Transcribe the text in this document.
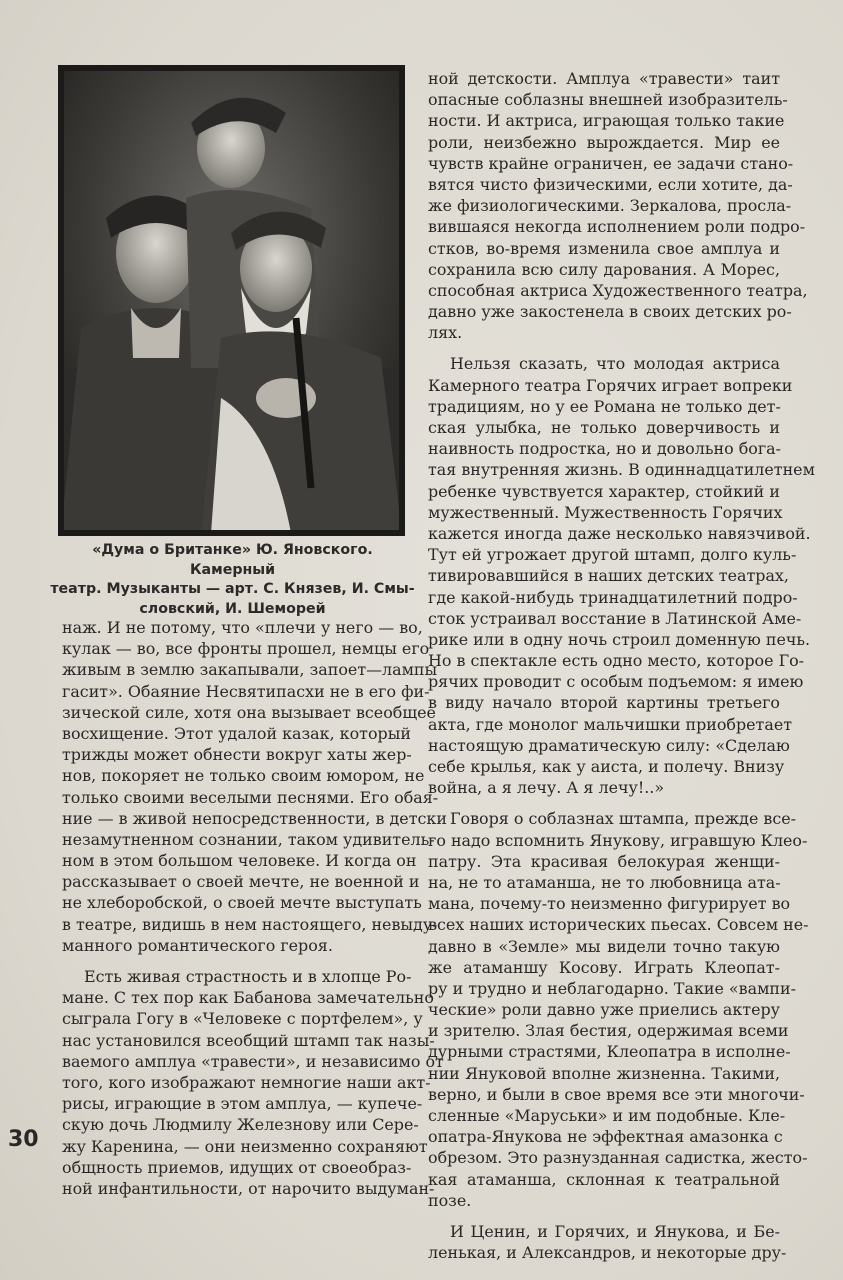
«Дума о Британке» Ю. Яновского. Камерный
театр. Музыканты — арт. С. Князев, И. Смы-
словский, И. Шеморей
наж. И не потому, что «плечи у него — во,
кулак — во, все фронты прошел, немцы его
живым в землю закапывали, запоет—лампы
гасит». Обаяние Несвятипасхи не в его фи-
зической силе, хотя она вызывает всеобщее
восхищение. Этот удалой казак, который
трижды может обнести вокруг хаты жер-
нов, покоряет не только своим юмором, не
только своими веселыми песнями. Его обая-
ние — в живой непосредственности, в детски
незамутненном сознании, таком удивитель-
ном в этом большом человеке. И когда он
рассказывает о своей мечте, не военной и
не хлеборобской, о своей мечте выступать
в театре, видишь в нем настоящего, невыду-
манного романтического героя.
Есть живая страстность и в хлопце Ро-
мане. С тех пор как Бабанова замечательно
сыграла Гогу в «Человеке с портфелем», у
нас установился всеобщий штамп так назы-
ваемого амплуа «травести», и независимо от
того, кого изображают немногие наши акт-
рисы, играющие в этом амплуа, — купече-
скую дочь Людмилу Железнову или Сере-
жу Каренина, — они неизменно сохраняют
общность приемов, идущих от своеобраз-
ной инфантильности, от нарочито выдуман-
ной детскости. Амплуа «травести» таит
опасные соблазны внешней изобразитель-
ности. И актриса, играющая только такие
роли, неизбежно вырождается. Мир ее
чувств крайне ограничен, ее задачи стано-
вятся чисто физическими, если хотите, да-
же физиологическими. Зеркалова, просла-
вившаяся некогда исполнением роли подро-
стков, во-время изменила свое амплуа и
сохранила всю силу дарования. А Морес,
способная актриса Художественного театра,
давно уже закостенела в своих детских ро-
лях.
Нельзя сказать, что молодая актриса
Камерного театра Горячих играет вопреки
традициям, но у ее Романа не только дет-
ская улыбка, не только доверчивость и
наивность подростка, но и довольно бога-
тая внутренняя жизнь. В одиннадцатилетнем
ребенке чувствуется характер, стойкий и
мужественный. Мужественность Горячих
кажется иногда даже несколько навязчивой.
Тут ей угрожает другой штамп, долго куль-
тивировавшийся в наших детских театрах,
где какой-нибудь тринадцатилетний подро-
сток устраивал восстание в Латинской Аме-
рике или в одну ночь строил доменную печь.
Но в спектакле есть одно место, которое Го-
рячих проводит с особым подъемом: я имею
в виду начало второй картины третьего
акта, где монолог мальчишки приобретает
настоящую драматическую силу: «Сделаю
себе крылья, как у аиста, и полечу. Внизу
война, а я лечу. А я лечу!..»
Говоря о соблазнах штампа, прежде все-
го надо вспомнить Янукову, игравшую Клео-
патру. Эта красивая белокурая женщи-
на, не то атаманша, не то любовница ата-
мана, почему-то неизменно фигурирует во
всех наших исторических пьесах. Совсем не-
давно в «Земле» мы видели точно такую
же атаманшу Косову. Играть Клеопат-
ру и трудно и неблагодарно. Такие «вампи-
ческие» роли давно уже приелись актеру
и зрителю. Злая бестия, одержимая всеми
дурными страстями, Клеопатра в исполне-
нии Януковой вполне жизненна. Такими,
верно, и были в свое время все эти многочи-
сленные «Маруськи» и им подобные. Кле-
опатра-Янукова не эффектная амазонка с
обрезом. Это разнузданная садистка, жесто-
кая атаманша, склонная к театральной
позе.
И Ценин, и Горячих, и Янукова, и Бе-
ленькая, и Александров, и некоторые дру-
30
